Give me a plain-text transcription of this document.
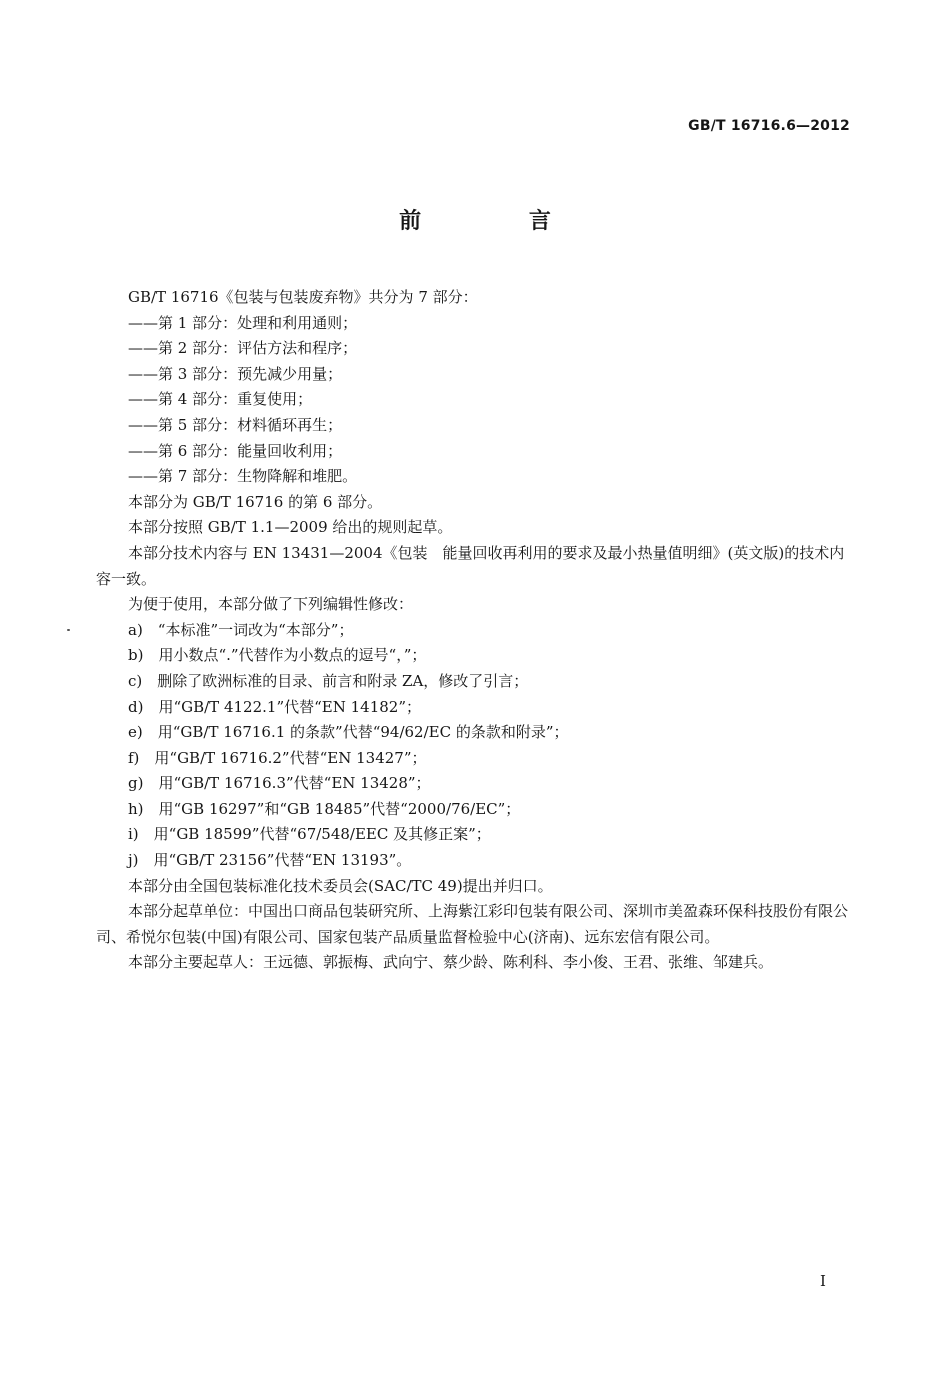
GB/T 16716.6—2012
前 言
GB/T 16716《包装与包装废弃物》共分为 7 部分：
——第 1 部分：处理和利用通则；
——第 2 部分：评估方法和程序；
——第 3 部分：预先减少用量；
——第 4 部分：重复使用；
——第 5 部分：材料循环再生；
——第 6 部分：能量回收利用；
——第 7 部分：生物降解和堆肥。
本部分为 GB/T 16716 的第 6 部分。
本部分按照 GB/T 1.1—2009 给出的规则起草。
本部分技术内容与 EN 13431—2004《包装　能量回收再利用的要求及最小热量值明细》(英文版)的技术内容一致。
为便于使用，本部分做了下列编辑性修改：
a)　“本标准”一词改为“本部分”；
b)　用小数点“.”代替作为小数点的逗号“，”；
c)　删除了欧洲标准的目录、前言和附录 ZA，修改了引言；
d)　用“GB/T 4122.1”代替“EN 14182”；
e)　用“GB/T 16716.1 的条款”代替“94/62/EC 的条款和附录”；
f)　用“GB/T 16716.2”代替“EN 13427”；
g)　用“GB/T 16716.3”代替“EN 13428”；
h)　用“GB 16297”和“GB 18485”代替“2000/76/EC”；
i)　用“GB 18599”代替“67/548/EEC 及其修正案”；
j)　用“GB/T 23156”代替“EN 13193”。
本部分由全国包装标准化技术委员会(SAC/TC 49)提出并归口。
本部分起草单位：中国出口商品包装研究所、上海紫江彩印包装有限公司、深圳市美盈森环保科技股份有限公司、希悦尔包装(中国)有限公司、国家包装产品质量监督检验中心(济南)、远东宏信有限公司。
本部分主要起草人：王远德、郭振梅、武向宁、蔡少龄、陈利科、李小俊、王君、张维、邹建兵。
I
